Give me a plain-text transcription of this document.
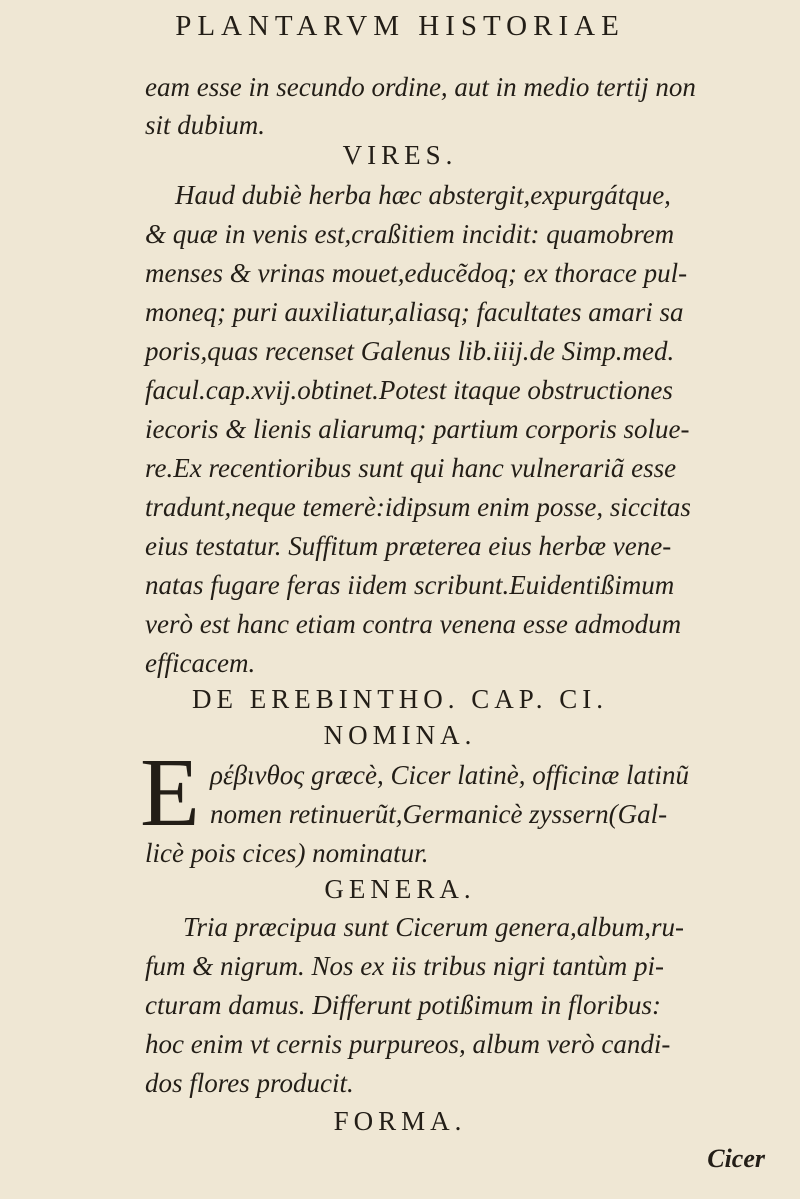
PLANTARVM HISTORIAE
eam esse in secundo ordine, aut in medio tertij non
sit dubium.
VIRES.
Haud dubiè herba hæc abstergit,expurgátque,
& quæ in venis est,craßitiem incidit: quamobrem
menses & vrinas mouet,educẽdoq; ex thorace pul-
moneq; puri auxiliatur,aliasq; facultates amari sa
poris,quas recenset Galenus lib.iiij.de Simp.med.
facul.cap.xvij.obtinet.Potest itaque obstructiones
iecoris & lienis aliarumq; partium corporis solue-
re.Ex recentioribus sunt qui hanc vulnerariã esse
tradunt,neque temerè:idipsum enim posse, siccitas
eius testatur. Suffitum præterea eius herbæ vene-
natas fugare feras iidem scribunt.Euidentißimum
verò est hanc etiam contra venena esse admodum
efficacem.
DE EREBINTHO. CAP. CI.
NOMINA.
E ρέβινθος græcè, Cicer latinè, officinæ latinũ
nomen retinuerũt,Germanicè zyssern(Gal-
licè pois cices) nominatur.
GENERA.
Tria præcipua sunt Cicerum genera,album,ru-
fum & nigrum. Nos ex iis tribus nigri tantùm pi-
cturam damus. Differunt potißimum in floribus:
hoc enim vt cernis purpureos, album verò candi-
dos flores producit.
FORMA.
Cicer
